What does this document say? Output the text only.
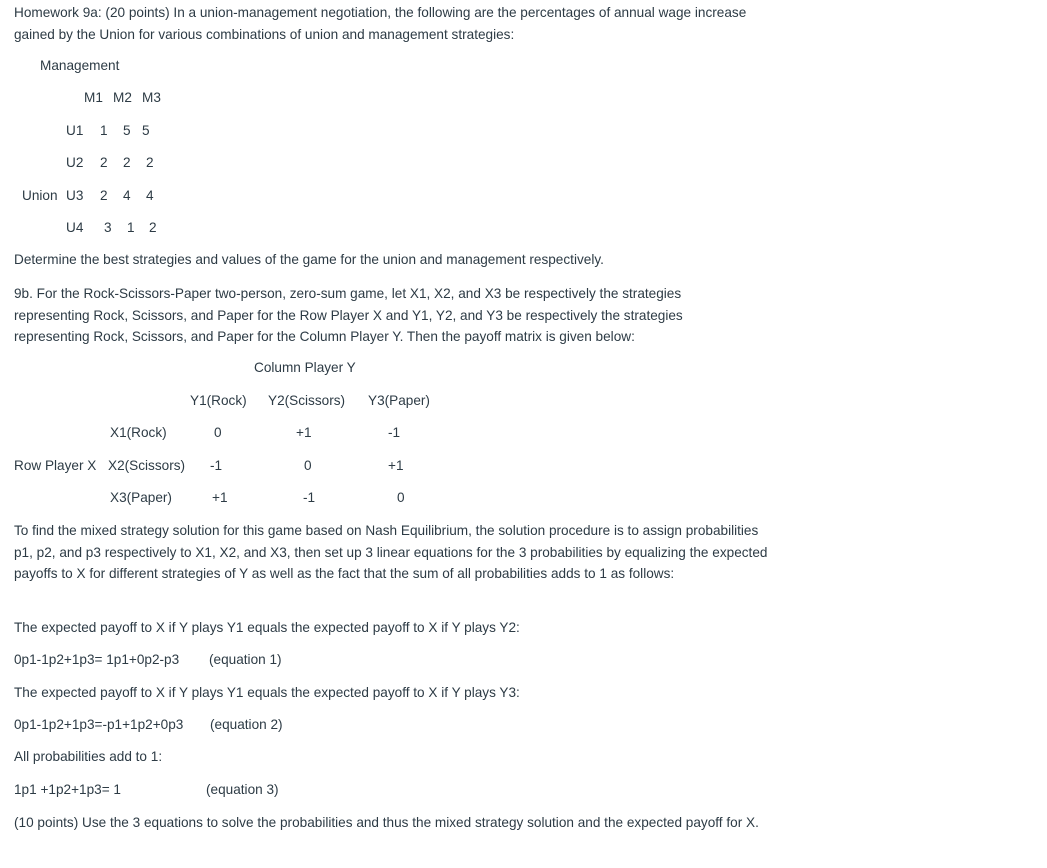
Homework 9a: (20 points) In a union-management negotiation, the following are the percentages of annual wage increase gained by the Union for various combinations of union and management strategies:
Management
M1 M2 M3
U1 1 5 5
U2 2 2 2
Union U3 2 4 4
U4 3 1 2
Determine the best strategies and values of the game for the union and management respectively.
9b. For the Rock-Scissors-Paper two-person, zero-sum game, let X1, X2, and X3 be respectively the strategies representing Rock, Scissors, and Paper for the Row Player X and Y1, Y2, and Y3 be respectively the strategies representing Rock, Scissors, and Paper for the Column Player Y. Then the payoff matrix is given below:
Column Player Y
Y1(Rock) Y2(Scissors) Y3(Paper)
X1(Rock)	0	+1	-1
Row Player X X2(Scissors) -1	0	+1
X3(Paper)	+1	-1	0
To find the mixed strategy solution for this game based on Nash Equilibrium, the solution procedure is to assign probabilities p1, p2, and p3 respectively to X1, X2, and X3, then set up 3 linear equations for the 3 probabilities by equalizing the expected payoffs to X for different strategies of Y as well as the fact that the sum of all probabilities adds to 1 as follows:
The expected payoff to X if Y plays Y1 equals the expected payoff to X if Y plays Y2:
0p1-1p2+1p3= 1p1+0p2-p3 (equation 1)
The expected payoff to X if Y plays Y1 equals the expected payoff to X if Y plays Y3:
0p1-1p2+1p3=-p1+1p2+0p3 (equation 2)
All probabilities add to 1:
1p1 +1p2+1p3= 1	(equation 3)
(10 points) Use the 3 equations to solve the probabilities and thus the mixed strategy solution and the expected payoff for X.
